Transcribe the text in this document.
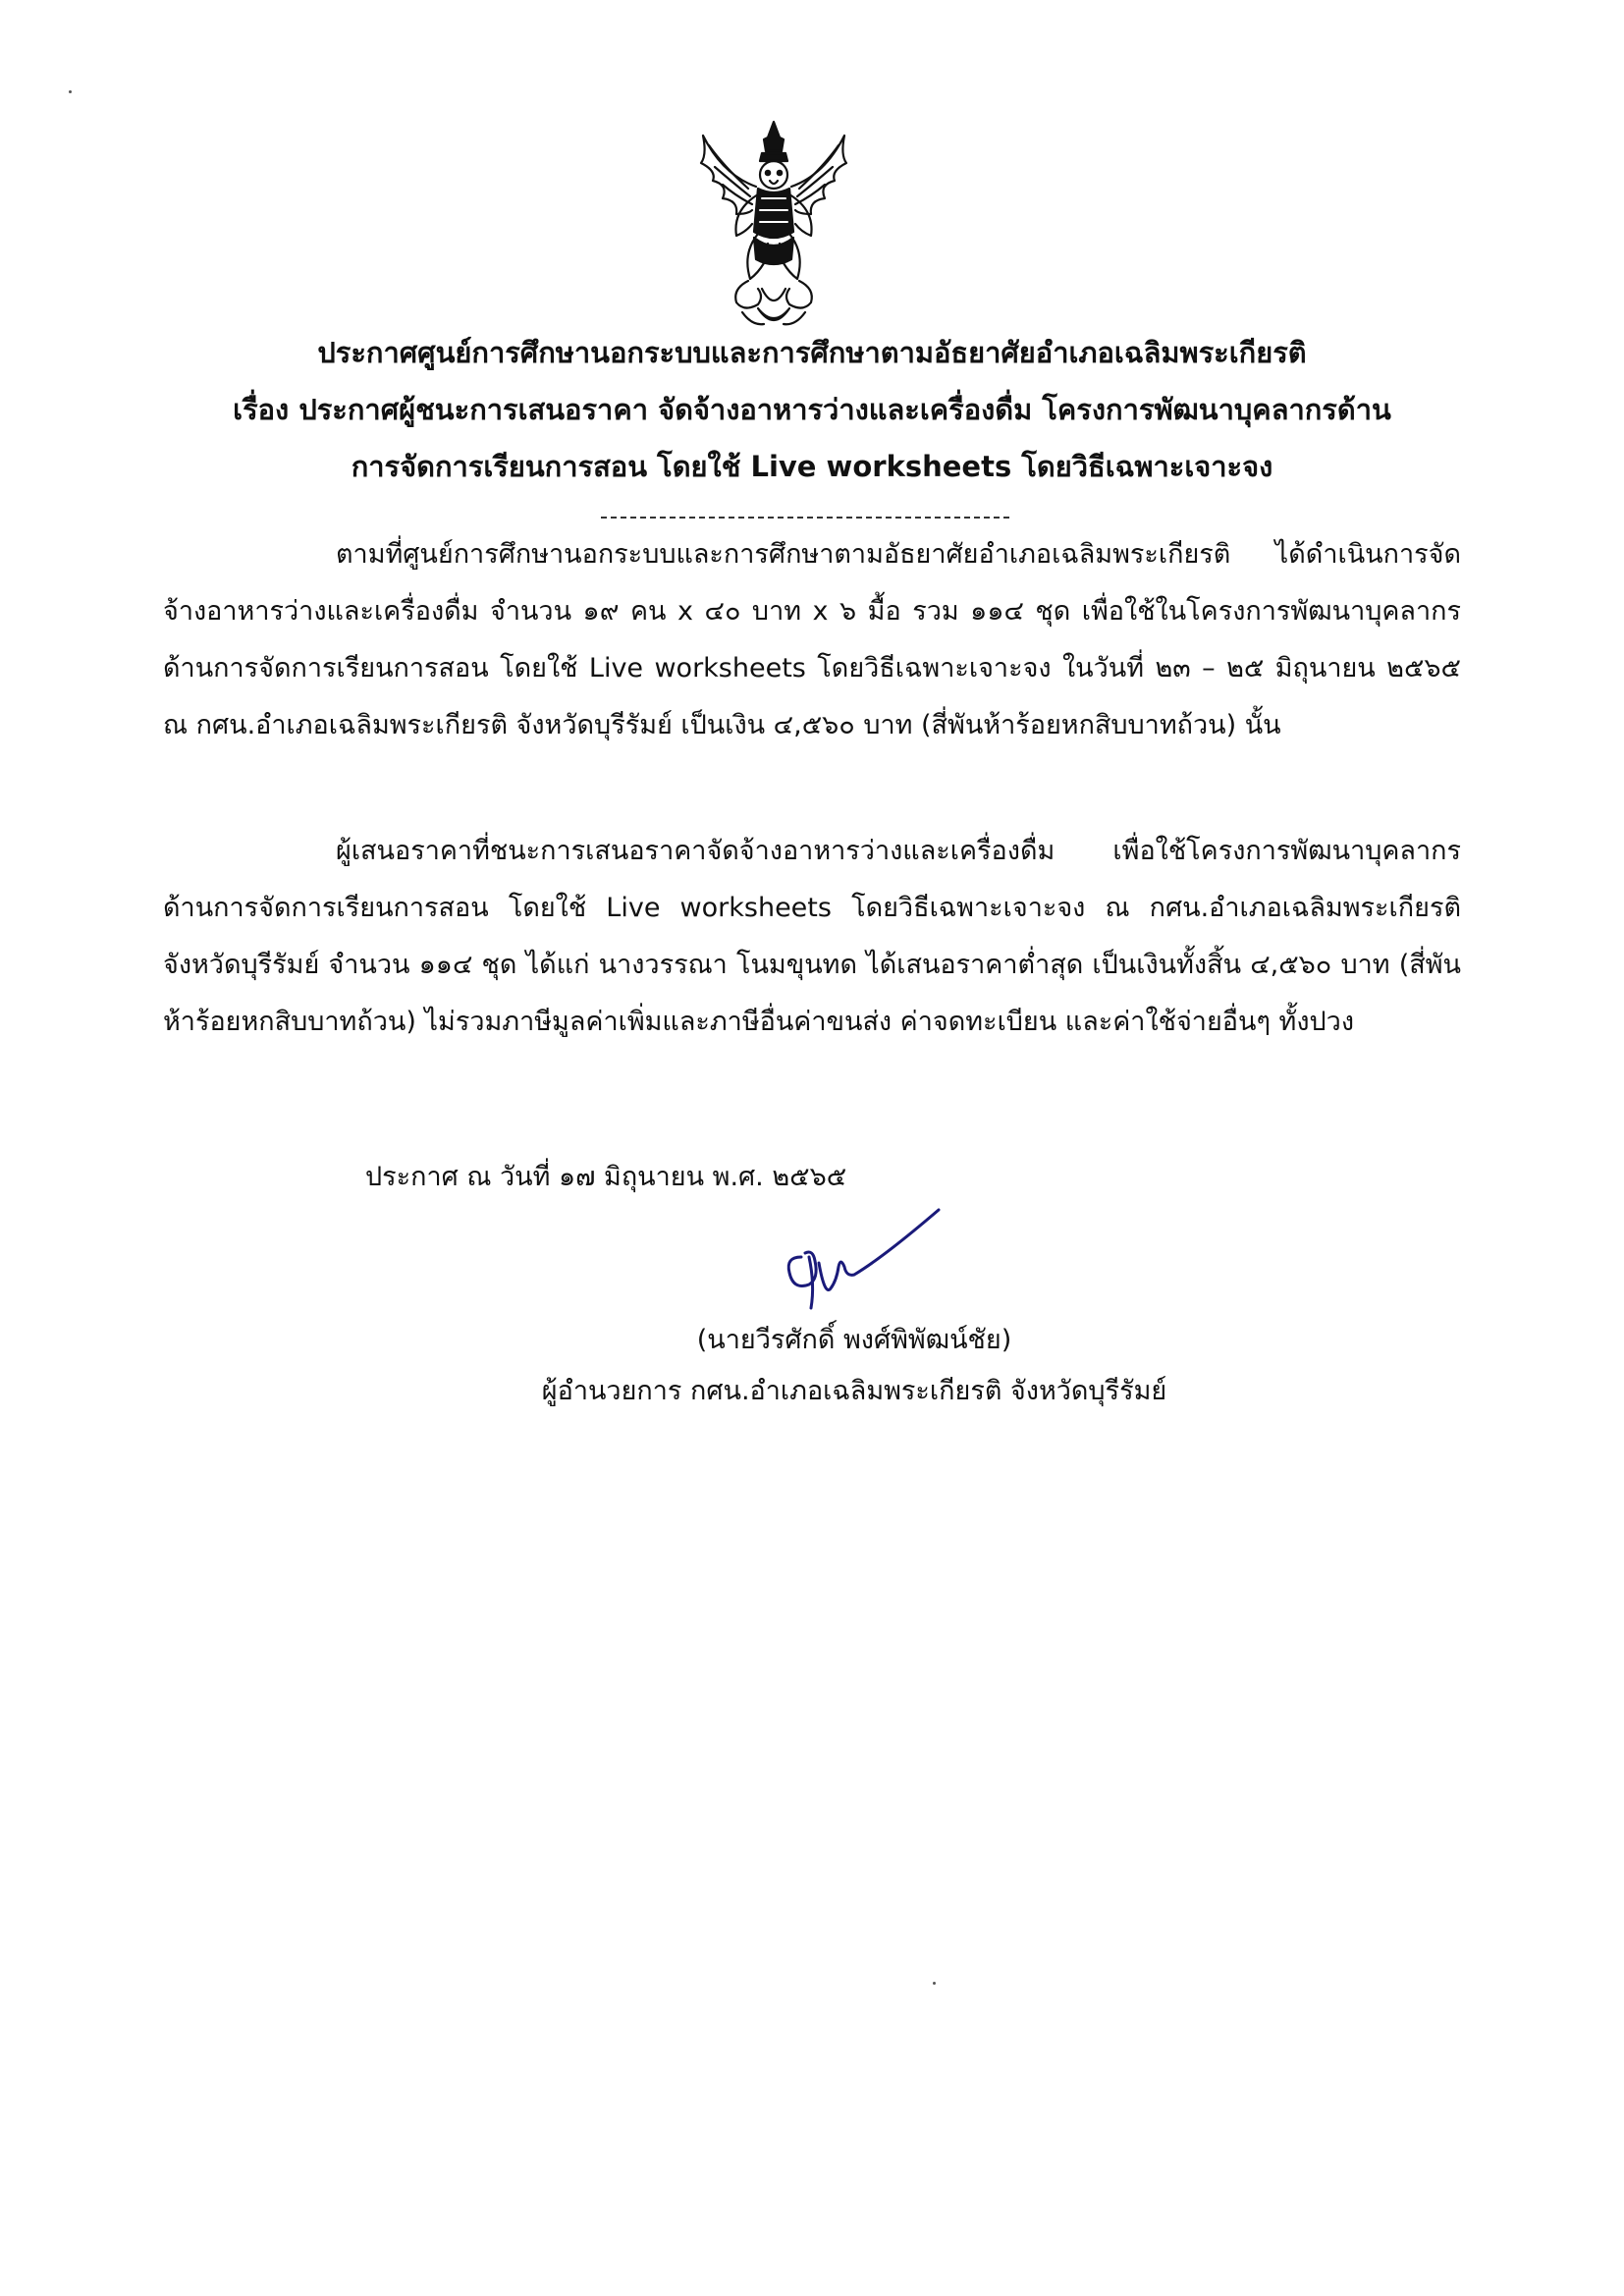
ประกาศศูนย์การศึกษานอกระบบและการศึกษาตามอัธยาศัยอำเภอเฉลิมพระเกียรติ
เรื่อง ประกาศผู้ชนะการเสนอราคา จัดจ้างอาหารว่างและเครื่องดื่ม โครงการพัฒนาบุคลากรด้าน
การจัดการเรียนการสอน โดยใช้ Live worksheets โดยวิธีเฉพาะเจาะจง
ตามที่ศูนย์การศึกษานอกระบบและการศึกษาตามอัธยาศัยอำเภอเฉลิมพระเกียรติ ได้ดำเนินการจัดจ้างอาหารว่างและเครื่องดื่ม จำนวน ๑๙ คน x ๔๐ บาท x ๖ มื้อ รวม ๑๑๔ ชุด เพื่อใช้ในโครงการพัฒนาบุคลากรด้านการจัดการเรียนการสอน โดยใช้ Live worksheets โดยวิธีเฉพาะเจาะจง ในวันที่ ๒๓ – ๒๕ มิถุนายน ๒๕๖๕ ณ กศน.อำเภอเฉลิมพระเกียรติ จังหวัดบุรีรัมย์ เป็นเงิน ๔,๕๖๐ บาท (สี่พันห้าร้อยหกสิบบาทถ้วน) นั้น
ผู้เสนอราคาที่ชนะการเสนอราคาจัดจ้างอาหารว่างและเครื่องดื่ม เพื่อใช้โครงการพัฒนาบุคลากรด้านการจัดการเรียนการสอน โดยใช้ Live worksheets โดยวิธีเฉพาะเจาะจง ณ กศน.อำเภอเฉลิมพระเกียรติ จังหวัดบุรีรัมย์ จำนวน ๑๑๔ ชุด ได้แก่ นางวรรณา โนมขุนทด ได้เสนอราคาต่ำสุด เป็นเงินทั้งสิ้น ๔,๕๖๐ บาท (สี่พันห้าร้อยหกสิบบาทถ้วน) ไม่รวมภาษีมูลค่าเพิ่มและภาษีอื่นค่าขนส่ง ค่าจดทะเบียน และค่าใช้จ่ายอื่นๆ ทั้งปวง
ประกาศ ณ วันที่ ๑๗ มิถุนายน พ.ศ. ๒๕๖๕
(นายวีรศักดิ์ พงศ์พิพัฒน์ชัย)
ผู้อำนวยการ กศน.อำเภอเฉลิมพระเกียรติ จังหวัดบุรีรัมย์
